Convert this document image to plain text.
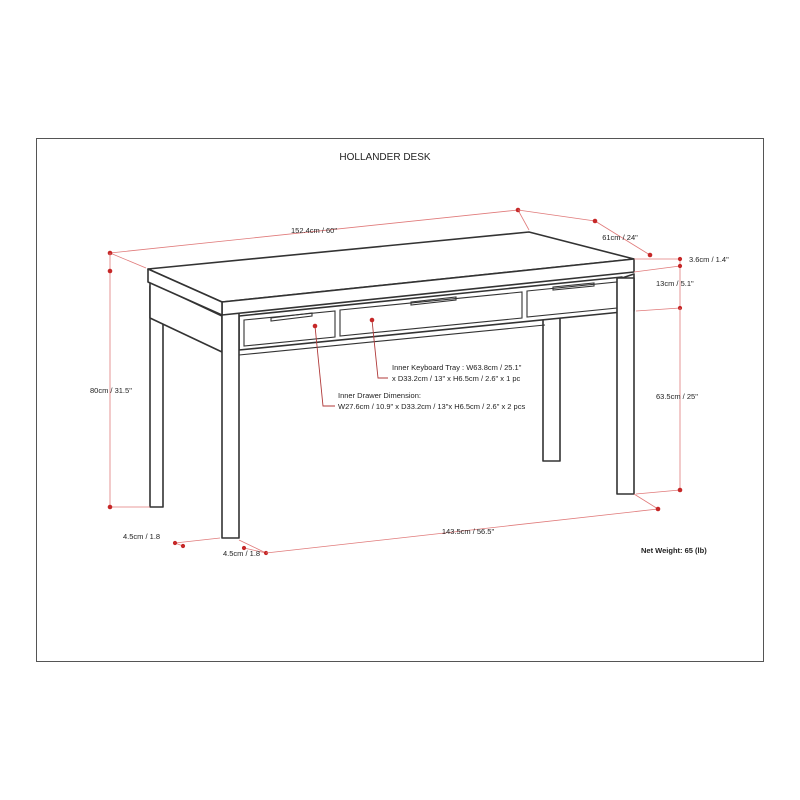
HOLLANDER DESK
152.4cm / 60"
61cm / 24"
3.6cm / 1.4"
13cm / 5.1"
80cm / 31.5"
63.5cm / 25"
4.5cm / 1.8
4.5cm / 1.8
143.5cm / 56.5"
Inner Keyboard Tray : W63.8cm / 25.1"
x D33.2cm / 13" x H6.5cm / 2.6" x 1 pc
Inner Drawer Dimension:
W27.6cm / 10.9" x D33.2cm / 13"x H6.5cm / 2.6" x 2 pcs
Net Weight: 65 (lb)
